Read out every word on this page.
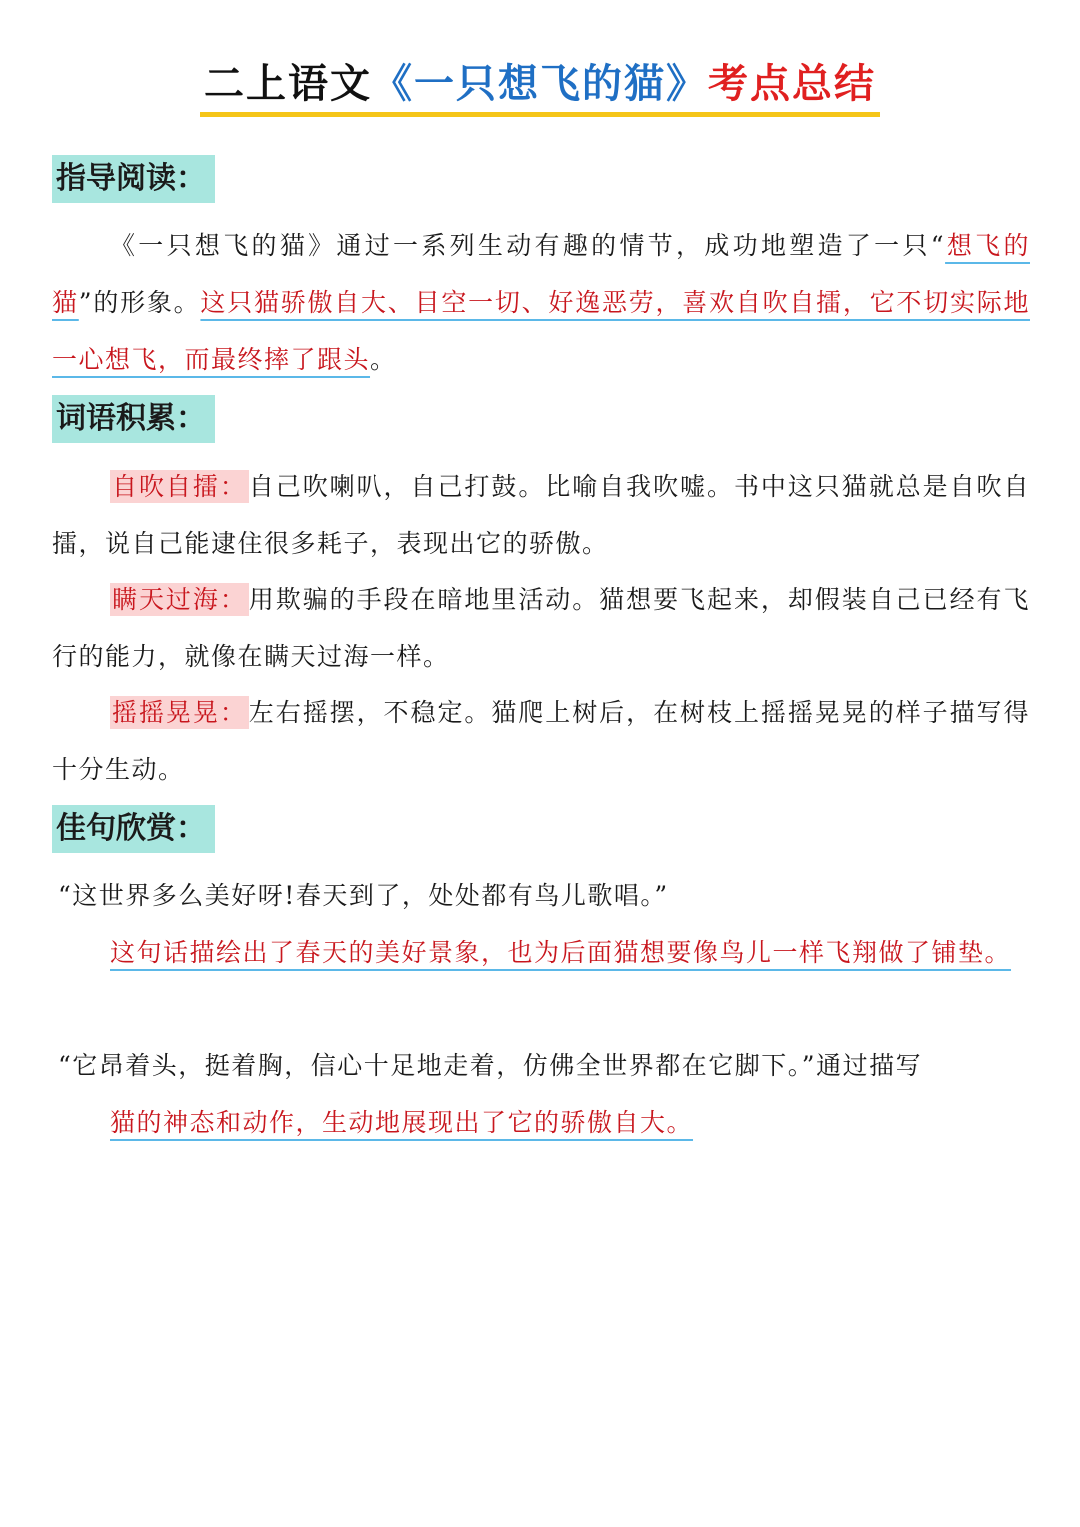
二上语文《一只想飞的猫》考点总结
指导阅读：
《一只想飞的猫》通过一系列生动有趣的情节，成功地塑造了一只“想飞的猫”的形象。这只猫骄傲自大、目空一切、好逸恶劳，喜欢自吹自擂，它不切实际地一心想飞，而最终摔了跟头。
词语积累：
自吹自擂：自己吹喇叭，自己打鼓。比喻自我吹嘘。书中这只猫就总是自吹自擂，说自己能逮住很多耗子，表现出它的骄傲。
瞒天过海：用欺骗的手段在暗地里活动。猫想要飞起来，却假装自己已经有飞行的能力，就像在瞒天过海一样。
摇摇晃晃：左右摇摆，不稳定。猫爬上树后，在树枝上摇摇晃晃的样子描写得十分生动。
佳句欣赏：
“这世界多么美好呀!春天到了，处处都有鸟儿歌唱。”
这句话描绘出了春天的美好景象，也为后面猫想要像鸟儿一样飞翔做了铺垫。
“它昂着头，挺着胸，信心十足地走着，仿佛全世界都在它脚下。”通过描写
猫的神态和动作，生动地展现出了它的骄傲自大。
